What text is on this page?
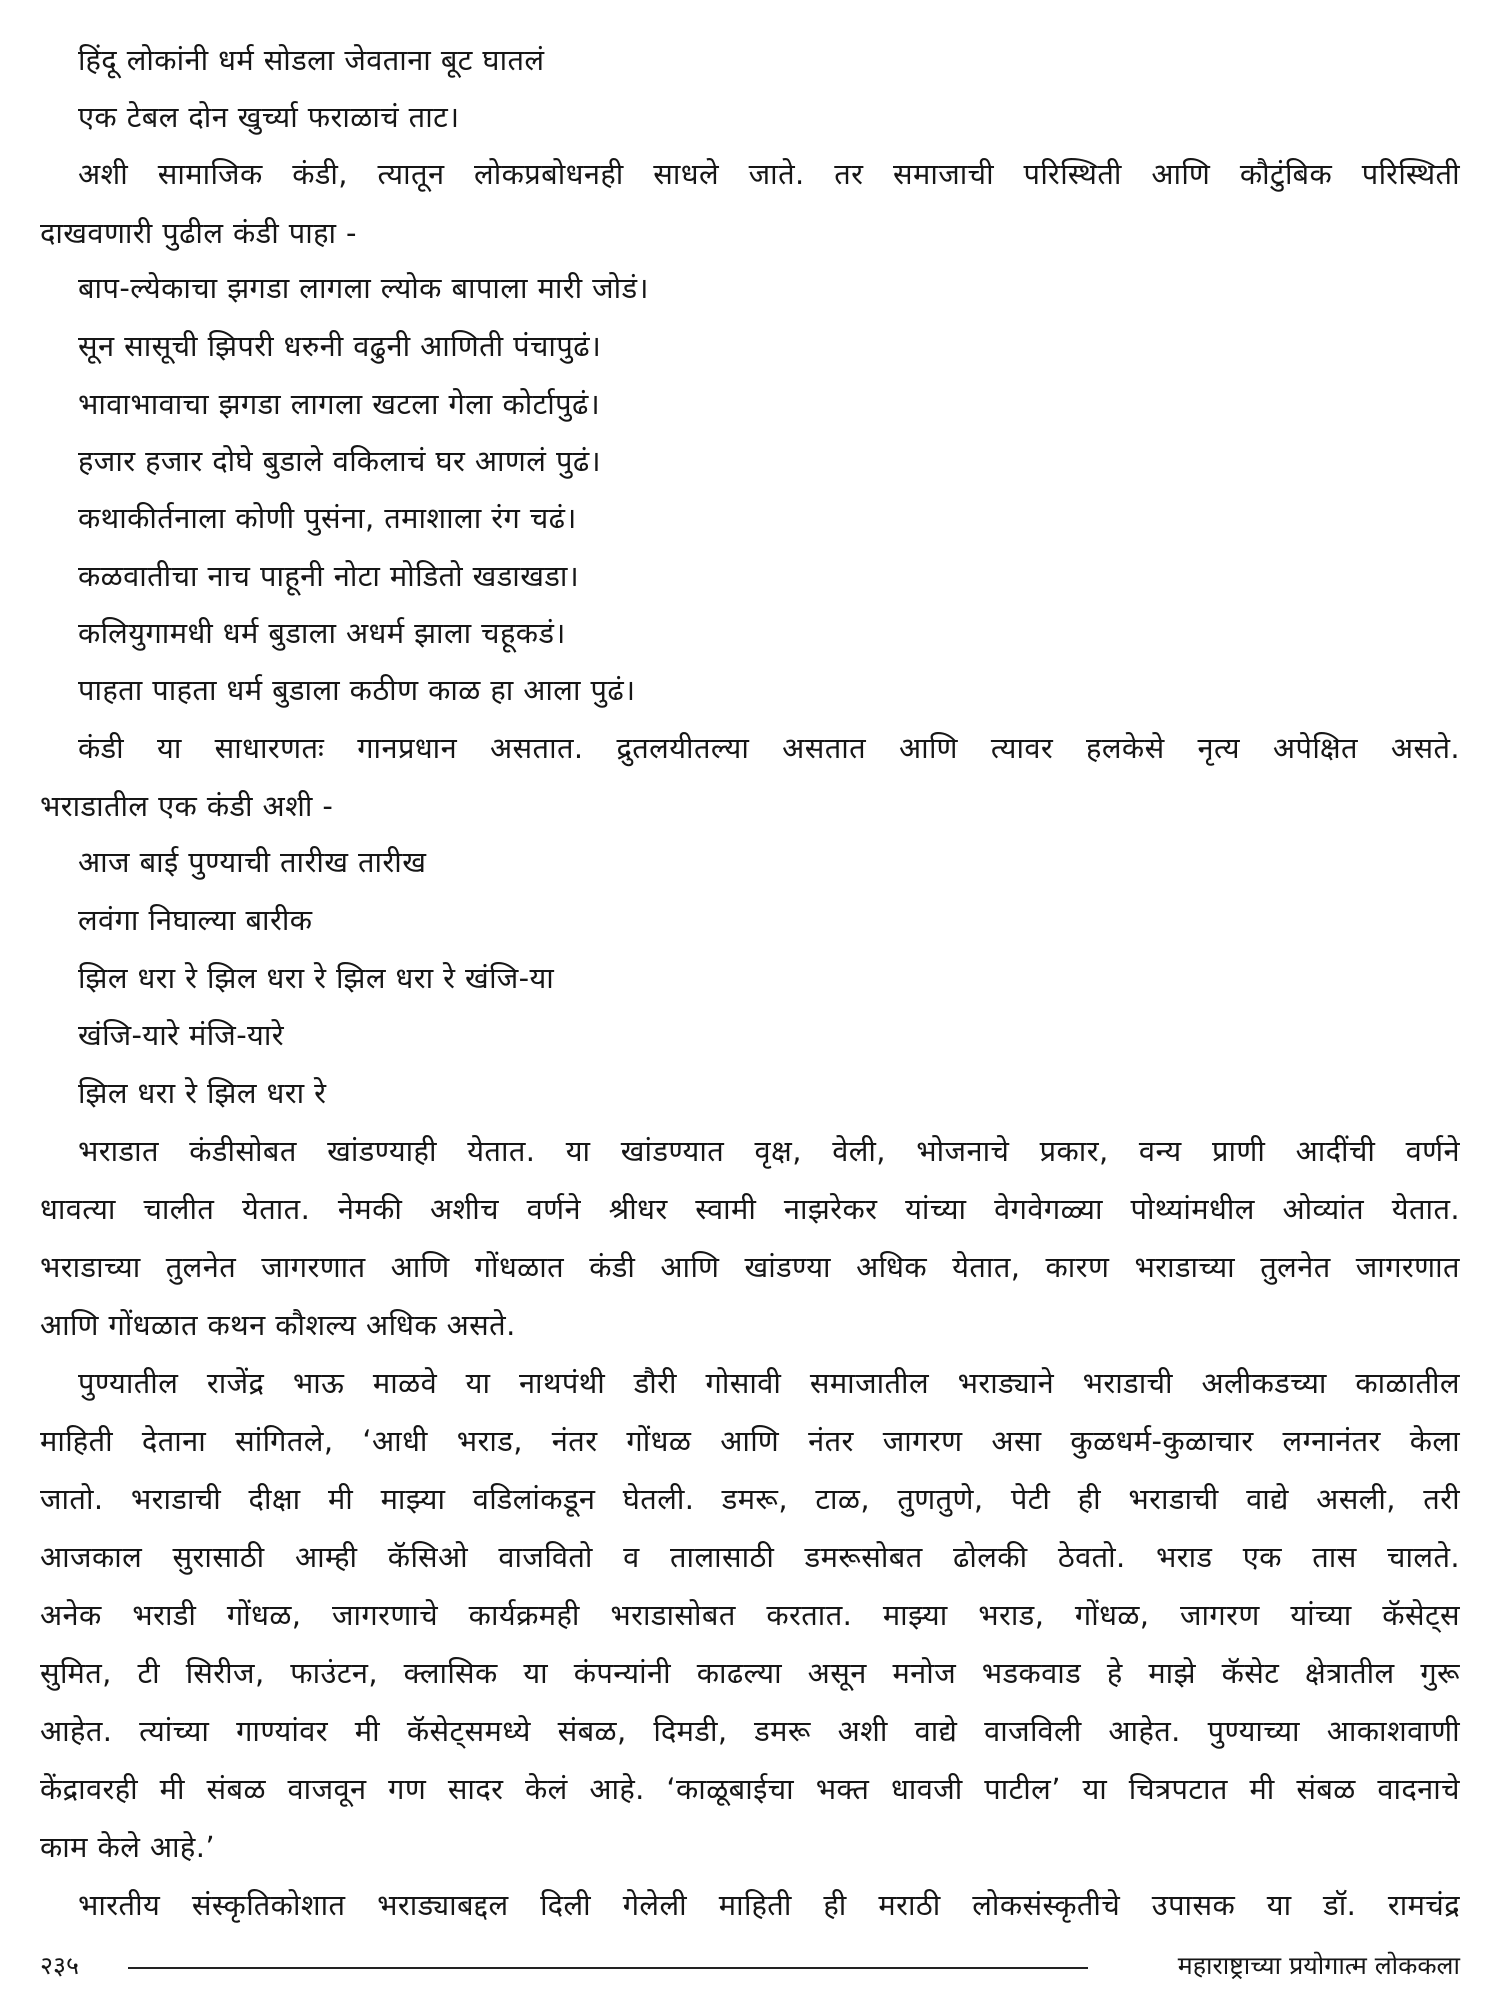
हिंदू लोकांनी धर्म सोडला जेवताना बूट घातलं
एक टेबल दोन खुर्च्या फराळाचं ताट।
अशी सामाजिक कंडी, त्यातून लोकप्रबोधनही साधले जाते. तर समाजाची परिस्थिती आणि कौटुंबिक परिस्थिती
दाखवणारी पुढील कंडी पाहा -
बाप-ल्येकाचा झगडा लागला ल्योक बापाला मारी जोडं।
सून सासूची झिपरी धरुनी वढुनी आणिती पंचापुढं।
भावाभावाचा झगडा लागला खटला गेला कोर्टापुढं।
हजार हजार दोघे बुडाले वकिलाचं घर आणलं पुढं।
कथाकीर्तनाला कोणी पुसंना, तमाशाला रंग चढं।
कळवातीचा नाच पाहूनी नोटा मोडितो खडाखडा।
कलियुगामधी धर्म बुडाला अधर्म झाला चहूकडं।
पाहता पाहता धर्म बुडाला कठीण काळ हा आला पुढं।
कंडी या साधारणतः गानप्रधान असतात. द्रुतलयीतल्या असतात आणि त्यावर हलकेसे नृत्य अपेक्षित असते.
भराडातील एक कंडी अशी -
आज बाई पुण्याची तारीख तारीख
लवंगा निघाल्या बारीक
झिल धरा रे झिल धरा रे झिल धरा रे खंजि-या
खंजि-यारे मंजि-यारे
झिल धरा रे झिल धरा रे
भराडात कंडीसोबत खांडण्याही येतात. या खांडण्यात वृक्ष, वेली, भोजनाचे प्रकार, वन्य प्राणी आदींची वर्णने
धावत्या चालीत येतात. नेमकी अशीच वर्णने श्रीधर स्वामी नाझरेकर यांच्या वेगवेगळ्या पोथ्यांमधील ओव्यांत येतात.
भराडाच्या तुलनेत जागरणात आणि गोंधळात कंडी आणि खांडण्या अधिक येतात, कारण भराडाच्या तुलनेत जागरणात
आणि गोंधळात कथन कौशल्य अधिक असते.
पुण्यातील राजेंद्र भाऊ माळवे या नाथपंथी डौरी गोसावी समाजातील भराड्याने भराडाची अलीकडच्या काळातील
माहिती देताना सांगितले, ‘आधी भराड, नंतर गोंधळ आणि नंतर जागरण असा कुळधर्म-कुळाचार लग्नानंतर केला
जातो. भराडाची दीक्षा मी माझ्या वडिलांकडून घेतली. डमरू, टाळ, तुणतुणे, पेटी ही भराडाची वाद्ये असली, तरी
आजकाल सुरासाठी आम्ही कॅसिओ वाजवितो व तालासाठी डमरूसोबत ढोलकी ठेवतो. भराड एक तास चालते.
अनेक भराडी गोंधळ, जागरणाचे कार्यक्रमही भराडासोबत करतात. माझ्या भराड, गोंधळ, जागरण यांच्या कॅसेट्स
सुमित, टी सिरीज, फाउंटन, क्लासिक या कंपन्यांनी काढल्या असून मनोज भडकवाड हे माझे कॅसेट क्षेत्रातील गुरू
आहेत. त्यांच्या गाण्यांवर मी कॅसेट्समध्ये संबळ, दिमडी, डमरू अशी वाद्ये वाजविली आहेत. पुण्याच्या आकाशवाणी
केंद्रावरही मी संबळ वाजवून गण सादर केलं आहे. ‘काळूबाईचा भक्त धावजी पाटील’ या चित्रपटात मी संबळ वादनाचे
काम केले आहे.’
भारतीय संस्कृतिकोशात भराड्याबद्दल दिली गेलेली माहिती ही मराठी लोकसंस्कृतीचे उपासक या डॉ. रामचंद्र
२३५	महाराष्ट्राच्या प्रयोगात्म लोककला
